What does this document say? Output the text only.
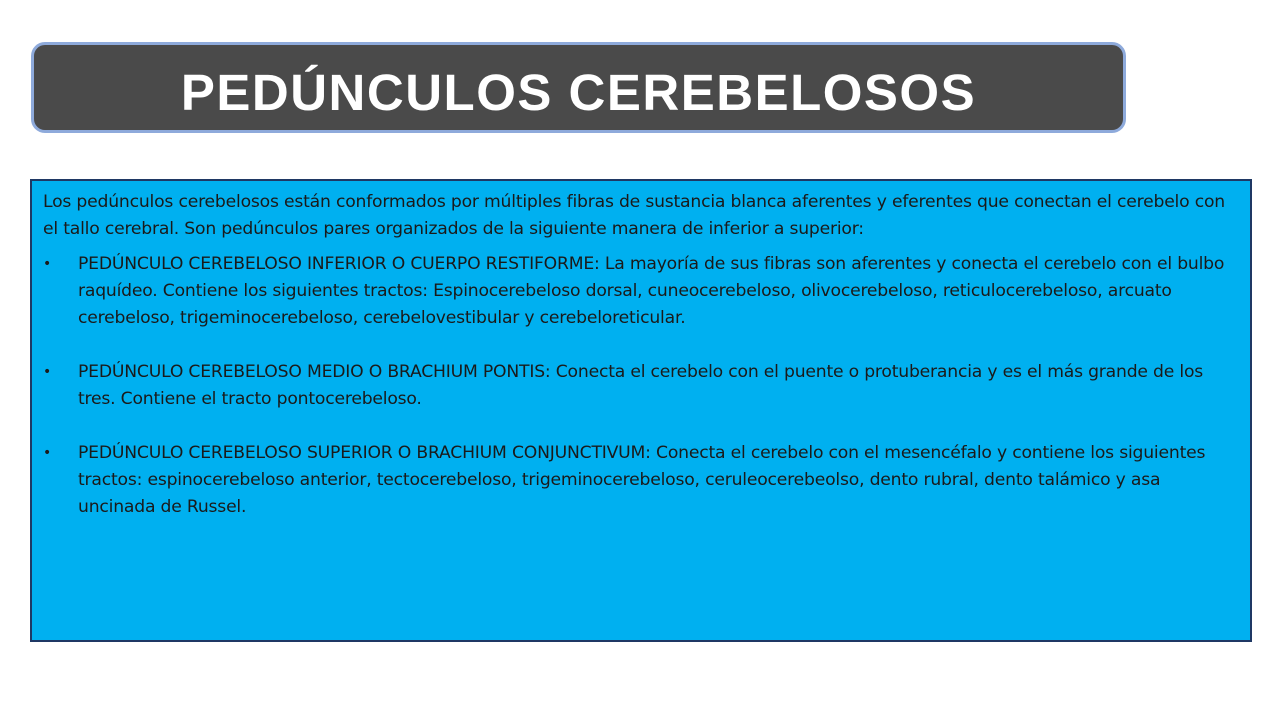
PEDÚNCULOS CEREBELOSOS

Los pedúnculos cerebelosos están conformados por múltiples fibras de sustancia blanca aferentes y eferentes que conectan el cerebelo con el tallo cerebral. Son pedúnculos pares organizados de la siguiente manera de inferior a superior:

• PEDÚNCULO CEREBELOSO INFERIOR O CUERPO RESTIFORME: La mayoría de sus fibras son aferentes y conecta el cerebelo con el bulbo raquídeo. Contiene los siguientes tractos: Espinocerebeloso dorsal, cuneocerebeloso, olivocerebeloso, reticulocerebeloso, arcuato cerebeloso, trigeminocerebeloso, cerebelovestibular y cerebeloreticular.
• PEDÚNCULO CEREBELOSO MEDIO O BRACHIUM PONTIS: Conecta el cerebelo con el puente o protuberancia y es el más grande de los tres. Contiene el tracto pontocerebeloso.
• PEDÚNCULO CEREBELOSO SUPERIOR O BRACHIUM CONJUNCTIVUM: Conecta el cerebelo con el mesencéfalo y contiene los siguientes tractos: espinocerebeloso anterior, tectocerebeloso, trigeminocerebeloso, ceruleocerebeolso, dento rubral, dento talámico y asa uncinada de Russel.
